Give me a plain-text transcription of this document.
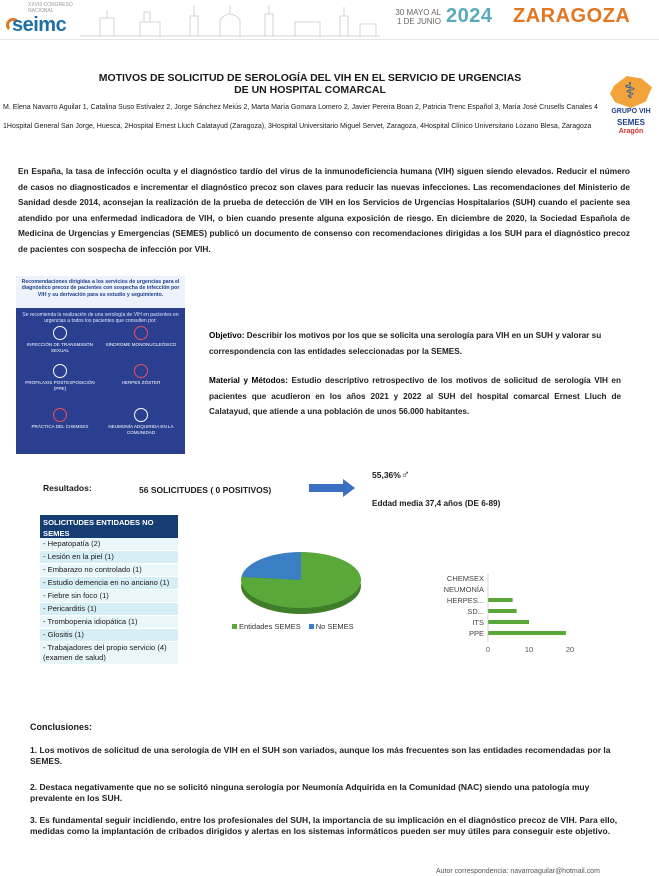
XXVIII CONGRESO NACIONAL
seimc
30 MAYO AL
1 DE JUNIO 2024 ZARAGOZA
MOTIVOS DE SOLICITUD DE SEROLOGÍA DEL VIH EN EL SERVICIO DE URGENCIAS
DE UN HOSPITAL COMARCAL
M. Elena Navarro Aguilar 1, Catalina Suso Estívalez 2, Jorge Sánchez Meiús 2, Marta María Gomara Lomero 2, Javier Pereira Boan 2, Patricia Trenc Español 3, María José Crusells Canales 4
1Hospital General San Jorge, Huesca, 2Hospital Ernest Lluch Calatayud (Zaragoza), 3Hospital Universitario Miguel Servet, Zaragoza, 4Hospital Clínico Universitario Lozano Blesa, Zaragoza
⚕
GRUPO VIH
SEMES
Aragón

En España, la tasa de infección oculta y el diagnóstico tardío del virus de la inmunodeficiencia humana (VIH) siguen siendo elevados. Reducir el número de casos no diagnosticados e incrementar el diagnóstico precoz son claves para reducir las nuevas infecciones. Las recomendaciones del Ministerio de Sanidad desde 2014, aconsejan la realización de la prueba de detección de VIH en los Servicios de Urgencias Hospitalarios (SUH) cuando el paciente sea atendido por una enfermedad indicadora de VIH, o bien cuando presente alguna exposición de riesgo. En diciembre de 2020, la Sociedad Española de Medicina de Urgencias y Emergencias (SEMES) publicó un documento de consenso con recomendaciones dirigidas a los SUH para el diagnóstico precoz de pacientes con sospecha de infección por VIH.

Recomendaciones dirigidas a los servicios de urgencias para el diagnóstico precoz de pacientes con sospecha de infección por VIH y su derivación para su estudio y seguimiento.
Se recomienda la realización de una serología de VIH en pacientes en urgencias a todos los pacientes que consulten por:
INFECCIÓN DE TRANSMISIÓN SEXUAL
SÍNDROME MONONUCLEÓSICO
PROFILAXIS POSTEXPOSICIÓN (PPE)
HERPES ZÓSTER
PRÁCTICA DEL CHEMSEX	NEUMONÍA ADQUIRIDA EN LA COMUNIDAD

Objetivo: Describir los motivos por los que se solicita una serología para VIH en un SUH y valorar su correspondencia con las entidades seleccionadas por la SEMES.

Material y Métodos: Estudio descriptivo retrospectivo de los motivos de solicitud de serología VIH en pacientes que acudieron en los años 2021 y 2022 al SUH del hospital comarcal Ernest Lluch de Calatayud, que atiende a una población de unos 56.000 habitantes.

Resultados:	56 SOLICITUDES ( 0 POSITIVOS)
55,36%♂
Eddad media 37,4 años (DE 6-89)
SOLICITUDES ENTIDADES NO SEMES
- Hepatopatía (2)
- Lesión en la piel (1)
- Embarazo no controlado (1)
- Estudio demencia en no anciano (1)
- Fiebre sin foco (1)
- Pericarditis (1)
- Trombopenia idiopática (1)
- Glositis (1)
- Trabajadores del propio servicio (4) (examen de salud)
Entidades SEMES No SEMES
CHEMSEX
NEUMONÍA
HERPES...
SD...
ITS
PPE
0	10	20
Conclusiones:

1. Los motivos de solicitud de una serología de VIH en el SUH son variados, aunque los más frecuentes son las entidades recomendadas por la SEMES.

2. Destaca negativamente que no se solicitó ninguna serología por Neumonía Adquirida en la Comunidad (NAC) siendo una patología muy prevalente en los SUH.

3. Es fundamental seguir incidiendo, entre los profesionales del SUH, la importancia de su implicación en el diagnóstico precoz de VIH. Para ello, medidas como la implantación de cribados dirigidos y alertas en los sistemas informáticos pueden ser muy útiles para conseguir este objetivo.

Autor correspondencia: navarroaguilar@hotmail.com
